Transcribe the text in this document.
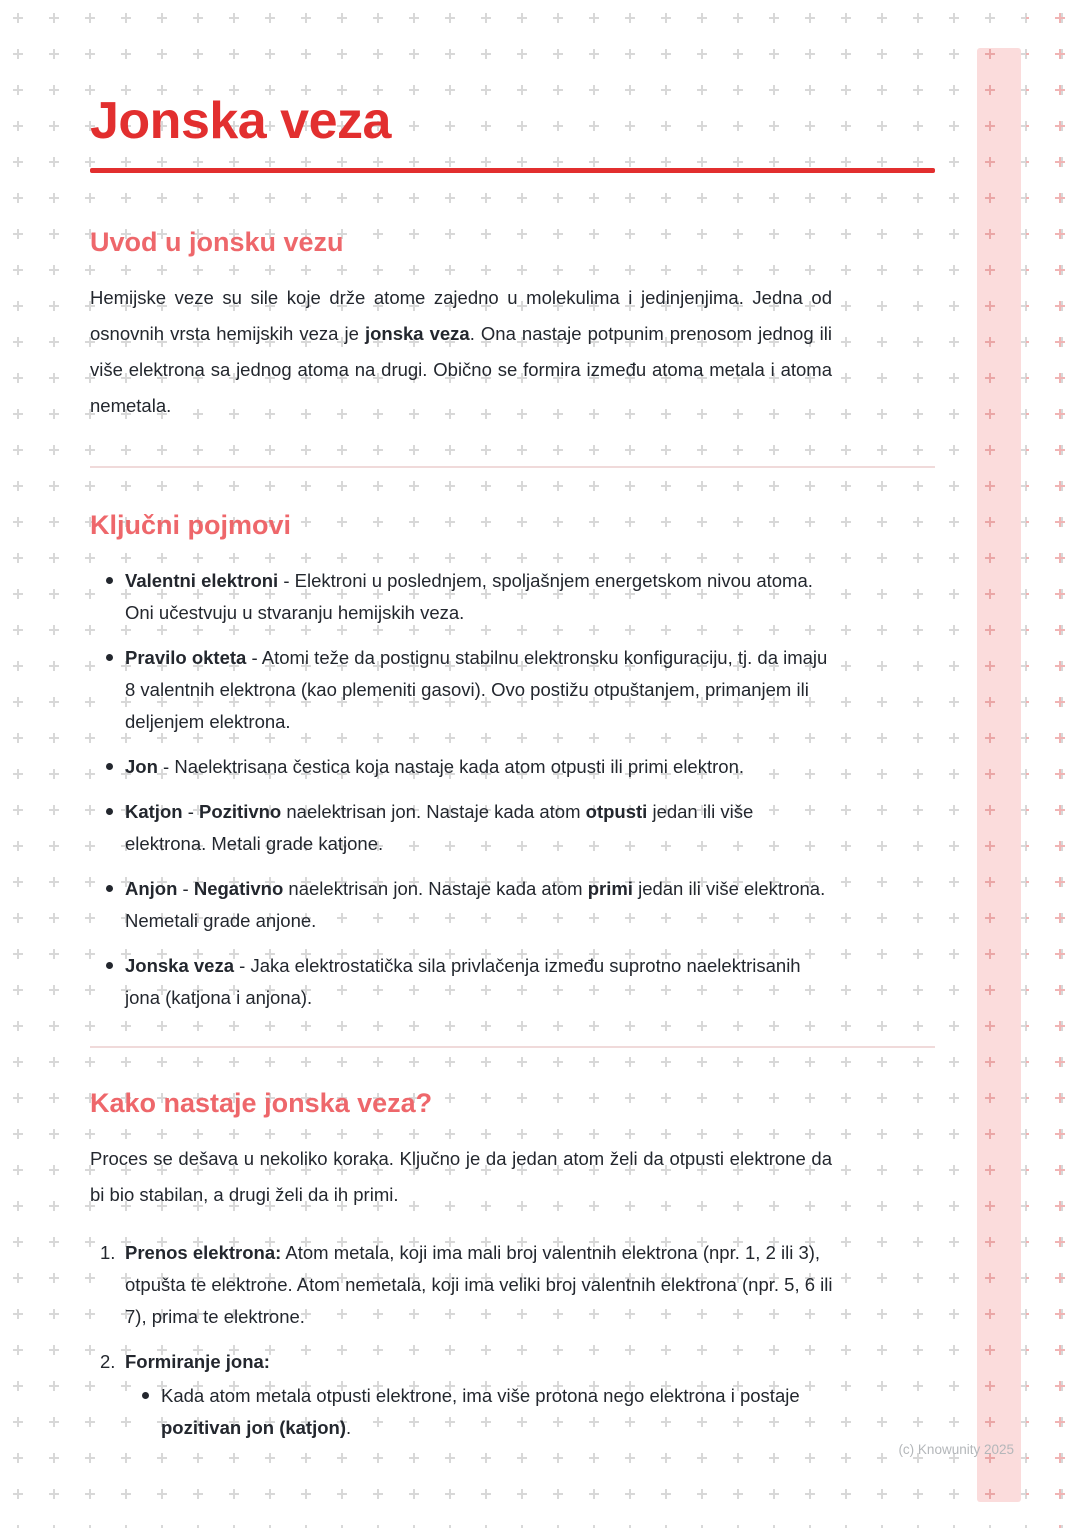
Jonska veza
Uvod u jonsku vezu

Hemijske veze su sile koje drže atome zajedno u molekulima i jedinjenjima. Jedna od osnovnih vrsta hemijskih veza je jonska veza. Ona nastaje potpunim prenosom jednog ili više elektrona sa jednog atoma na drugi. Obično se formira između atoma metala i atoma nemetala.

Ključni pojmovi
Valentni elektroni - Elektroni u poslednjem, spoljašnjem energetskom nivou atoma. Oni učestvuju u stvaranju hemijskih veza.
Pravilo okteta - Atomi teže da postignu stabilnu elektronsku konfiguraciju, tj. da imaju 8 valentnih elektrona (kao plemeniti gasovi). Ovo postižu otpuštanjem, primanjem ili deljenjem elektrona.
Jon - Naelektrisana čestica koja nastaje kada atom otpusti ili primi elektron.
Katjon - Pozitivno naelektrisan jon. Nastaje kada atom otpusti jedan ili više elektrona. Metali grade katjone.
Anjon - Negativno naelektrisan jon. Nastaje kada atom primi jedan ili više elektrona. Nemetali grade anjone.
Jonska veza - Jaka elektrostatička sila privlačenja između suprotno naelektrisanih jona (katjona i anjona).
Kako nastaje jonska veza?

Proces se dešava u nekoliko koraka. Ključno je da jedan atom želi da otpusti elektrone da bi bio stabilan, a drugi želi da ih primi.

1. Prenos elektrona: Atom metala, koji ima mali broj valentnih elektrona (npr. 1, 2 ili 3), otpušta te elektrone. Atom nemetala, koji ima veliki broj valentnih elektrona (npr. 5, 6 ili 7), prima te elektrone.
2. Formiranje jona:
Kada atom metala otpusti elektrone, ima više protona nego elektrona i postaje pozitivan jon (katjon).
(c) Knowunity 2025
